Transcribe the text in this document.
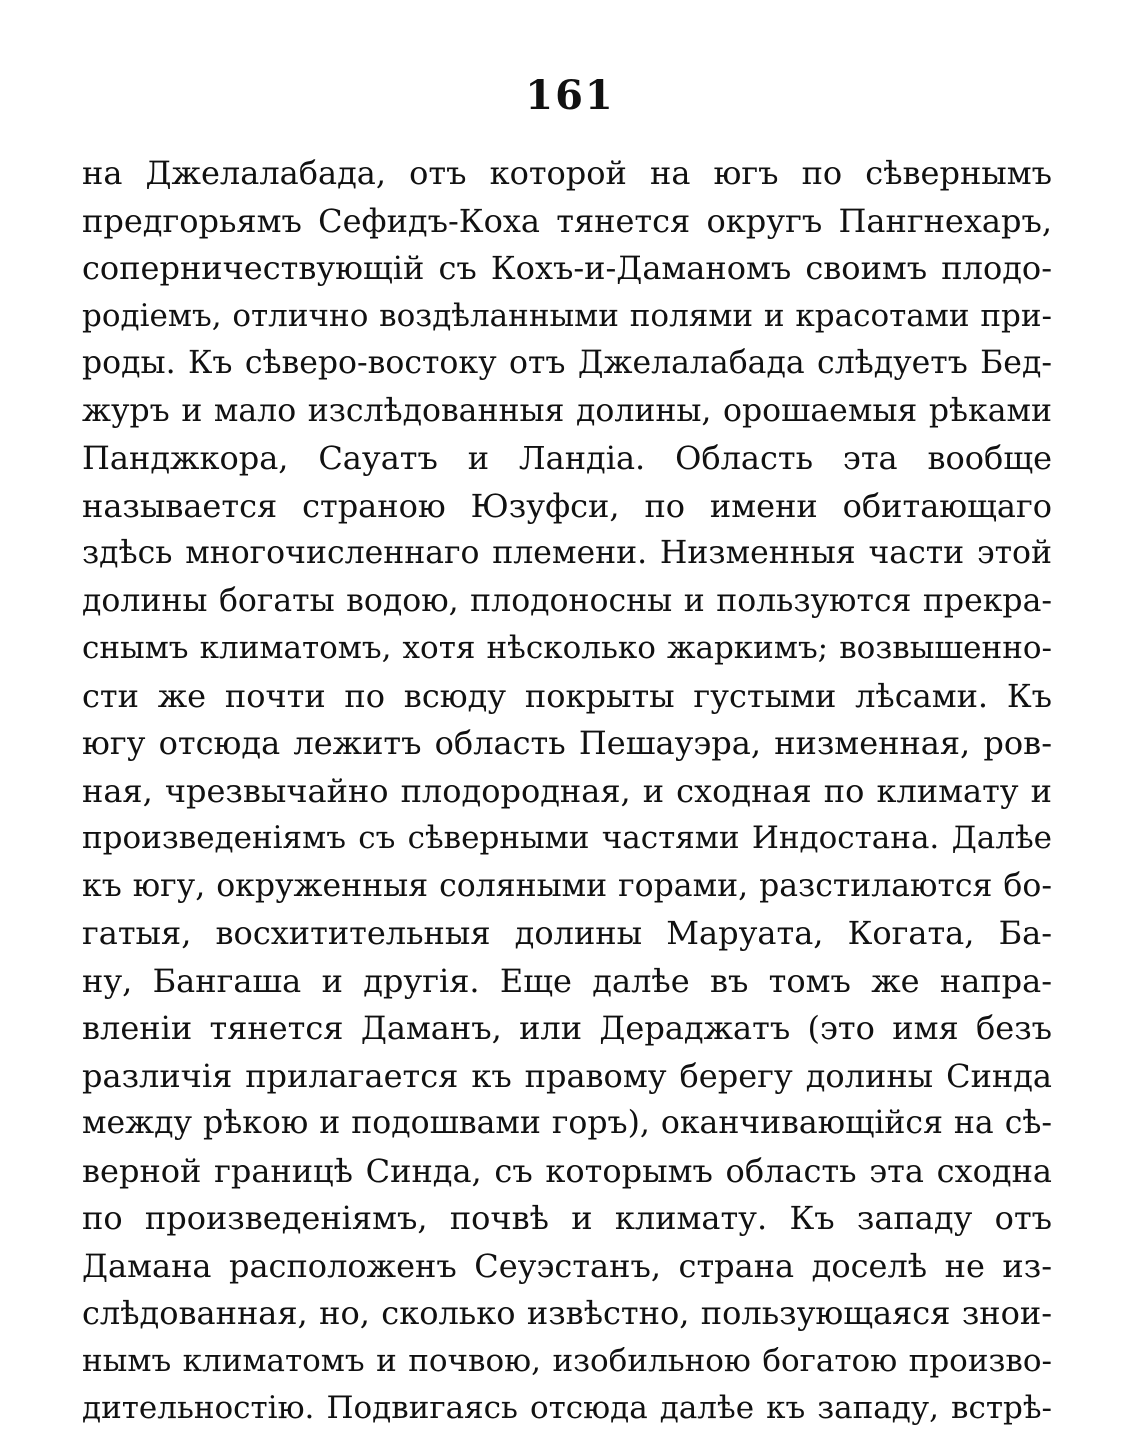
161
на Джелалабада, отъ которой на югъ по сѣвернымъ
предгорьямъ Сефидъ-Коха тянется округъ Пангнехаръ,
соперничествующій съ Кохъ-и-Даманомъ своимъ плодо-
родіемъ, отлично воздѣланными полями и красотами при-
роды. Къ сѣверо-востоку отъ Джелалабада слѣдуетъ Бед-
журъ и мало изслѣдованныя долины, орошаемыя рѣками
Панджкора, Сауатъ и Ландіа. Область эта вообще
называется страною Юзуфси, по имени обитающаго
здѣсь многочисленнаго племени. Низменныя части этой
долины богаты водою, плодоносны и пользуются прекра-
снымъ климатомъ, хотя нѣсколько жаркимъ; возвышенно-
сти же почти по всюду покрыты густыми лѣсами. Къ
югу отсюда лежитъ область Пешауэра, низменная, ров-
ная, чрезвычайно плодородная, и сходная по климату и
произведеніямъ съ сѣверными частями Индостана. Далѣе
къ югу, окруженныя соляными горами, разстилаются бо-
гатыя, восхитительныя долины Маруата, Когата, Ба-
ну, Бангаша и другія. Еще далѣе въ томъ же напра-
вленіи тянется Даманъ, или Дераджатъ (это имя безъ
различія прилагается къ правому берегу долины Синда
между рѣкою и подошвами горъ), оканчивающійся на сѣ-
верной границѣ Синда, съ которымъ область эта сходна
по произведеніямъ, почвѣ и климату. Къ западу отъ
Дамана расположенъ Сеуэстанъ, страна доселѣ не из-
слѣдованная, но, сколько извѣстно, пользующаяся знои-
нымъ климатомъ и почвою, изобильною богатою произво-
дительностію. Подвигаясь отсюда далѣе къ западу, встрѣ-
